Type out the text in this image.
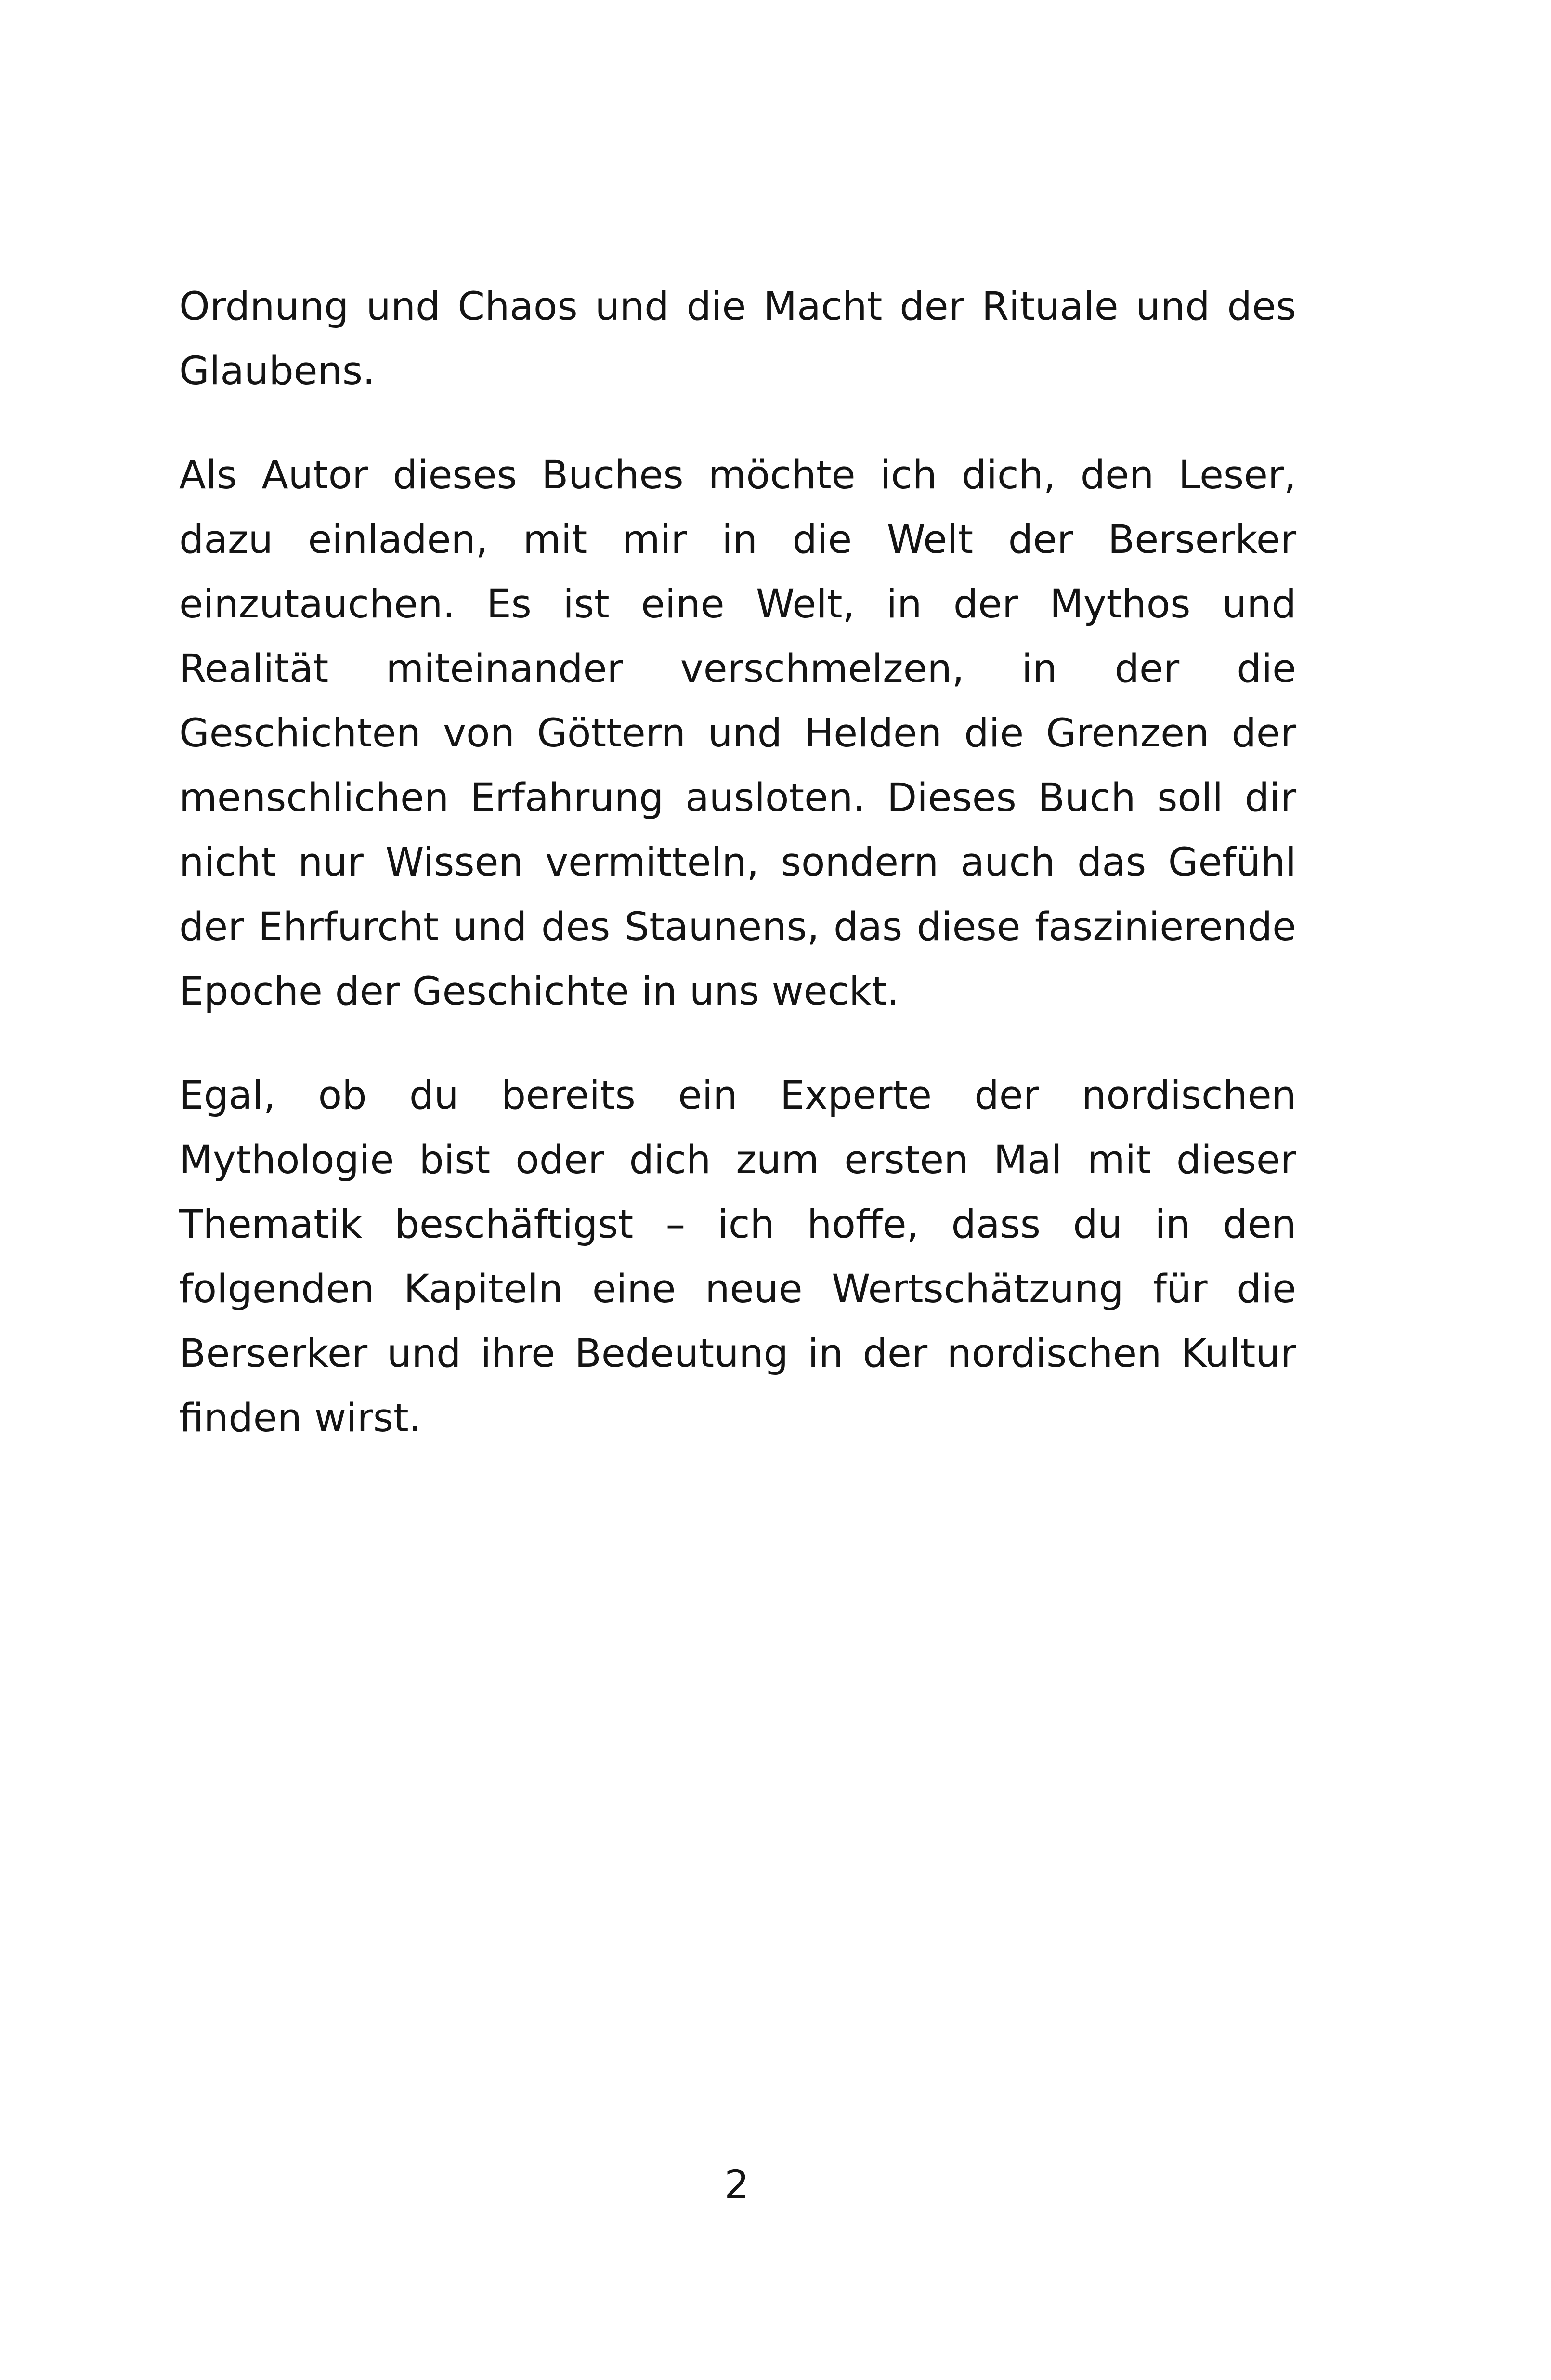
Ordnung und Chaos und die Macht der Rituale und des Glaubens.

Als Autor dieses Buches möchte ich dich, den Leser, dazu einladen, mit mir in die Welt der Berserker einzutauchen. Es ist eine Welt, in der Mythos und Realität miteinander verschmelzen, in der die Geschichten von Göttern und Helden die Grenzen der menschlichen Erfahrung ausloten. Dieses Buch soll dir nicht nur Wissen vermitteln, sondern auch das Gefühl der Ehrfurcht und des Staunens, das diese faszinierende Epoche der Geschichte in uns weckt.

Egal, ob du bereits ein Experte der nordischen Mythologie bist oder dich zum ersten Mal mit dieser Thematik beschäftigst – ich hoffe, dass du in den folgenden Kapiteln eine neue Wertschätzung für die Berserker und ihre Bedeutung in der nordischen Kultur finden wirst.

2
